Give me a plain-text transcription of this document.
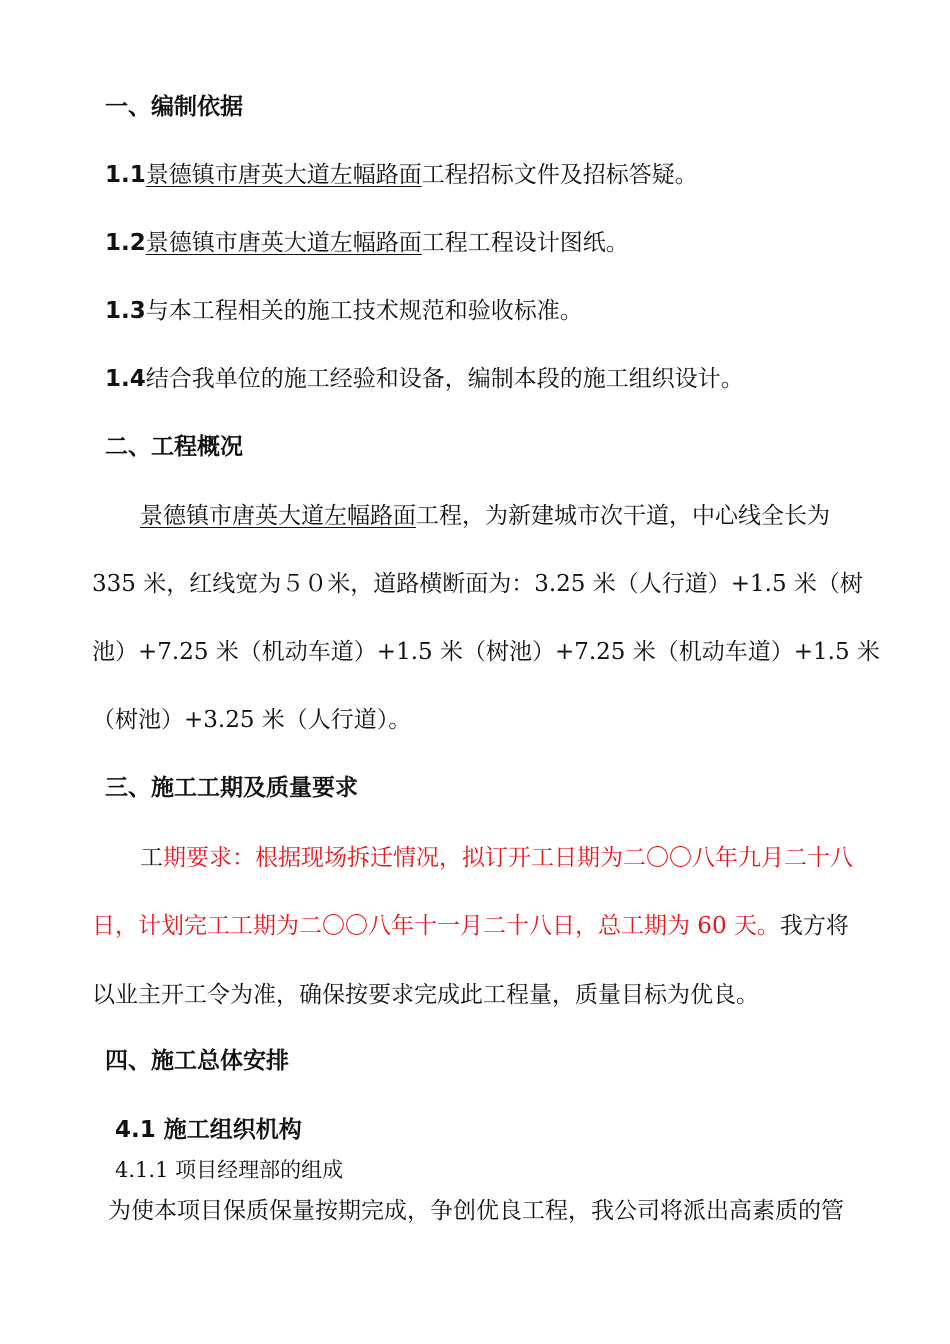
一、编制依据
1.1景德镇市唐英大道左幅路面工程招标文件及招标答疑。
1.2景德镇市唐英大道左幅路面工程工程设计图纸。
1.3与本工程相关的施工技术规范和验收标准。
1.4结合我单位的施工经验和设备，编制本段的施工组织设计。
二、工程概况
景德镇市唐英大道左幅路面工程，为新建城市次干道，中心线全长为
335 米，红线宽为５０米，道路横断面为：3.25 米（人行道）+1.5 米（树
池）+7.25 米（机动车道）+1.5 米（树池）+7.25 米（机动车道）+1.5 米
（树池）+3.25 米（人行道）。
三、施工工期及质量要求
工期要求：根据现场拆迁情况，拟订开工日期为二〇〇八年九月二十八
日，计划完工工期为二〇〇八年十一月二十八日，总工期为 60 天。我方将
以业主开工令为准，确保按要求完成此工程量，质量目标为优良。
四、施工总体安排
4.1 施工组织机构
4.1.1 项目经理部的组成
为使本项目保质保量按期完成，争创优良工程，我公司将派出高素质的管
